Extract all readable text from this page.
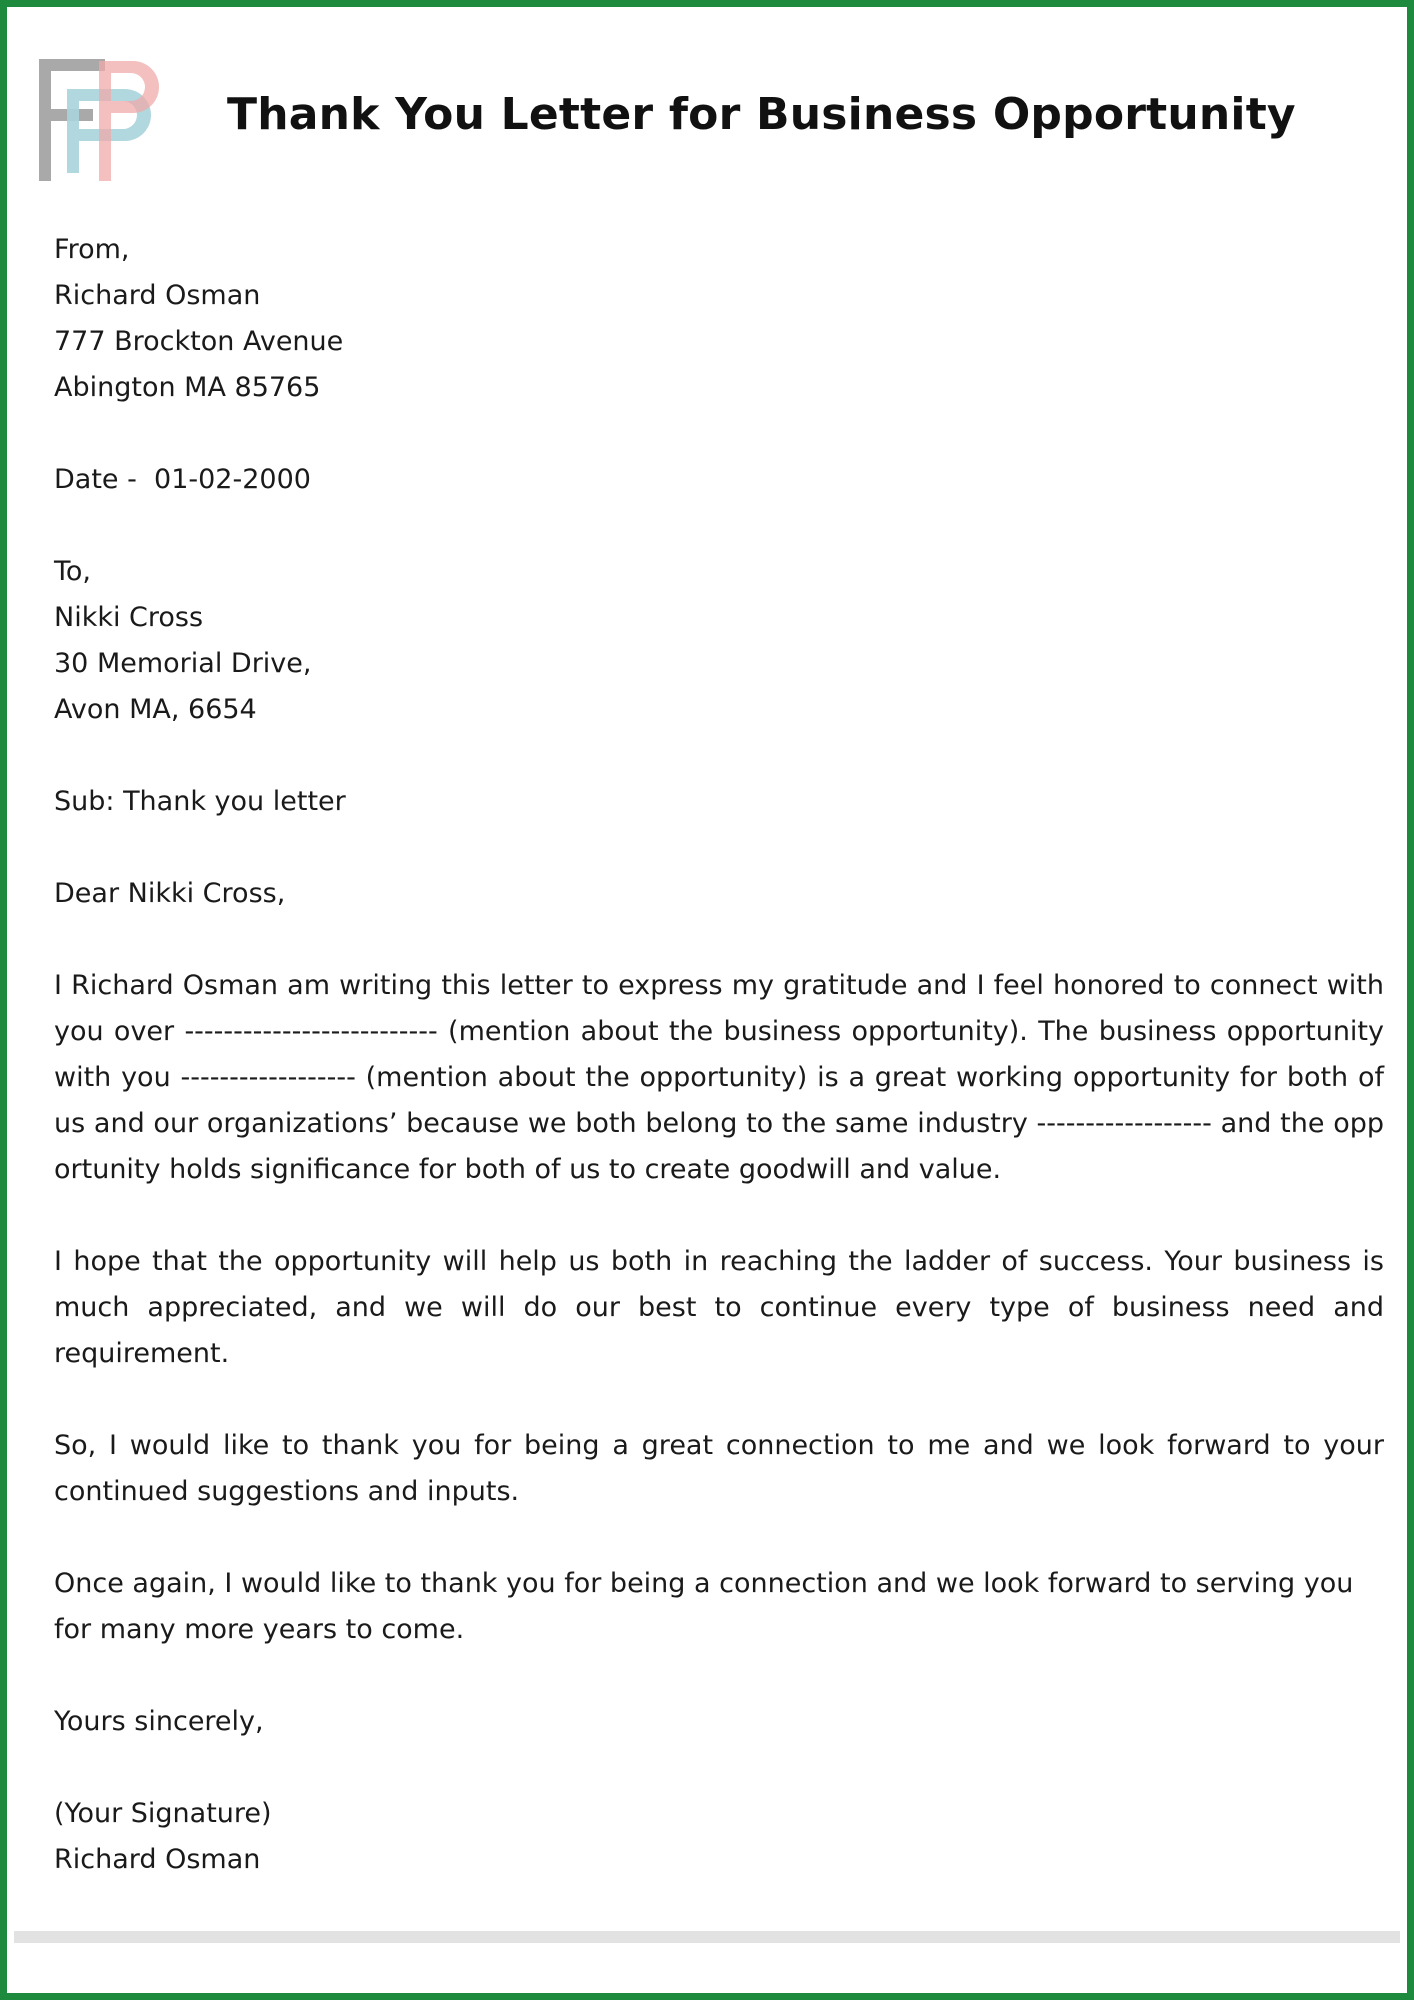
Thank You Letter for Business Opportunity
From,
Richard Osman
777 Brockton Avenue
Abington MA 85765
Date -  01-02-2000
To,
Nikki Cross
30 Memorial Drive,
Avon MA, 6654
Sub: Thank you letter
Dear Nikki Cross,

I Richard Osman am writing this letter to express my gratitude and I feel honored to connect with you over -------------------------- (mention about the business opportunity). The business opportunity with you ------------------ (mention about the opportunity) is a great working opportunity for both of us and our organizations’ because we both belong to the same industry ------------------ and the opportunity holds significance for both of us to create goodwill and value.

I hope that the opportunity will help us both in reaching the ladder of success. Your business is much appreciated, and we will do our best to continue every type of business need and requirement.

So, I would like to thank you for being a great connection to me and we look forward to your continued suggestions and inputs.

Once again, I would like to thank you for being a connection and we look forward to serving you for many more years to come.

Yours sincerely,
(Your Signature)
Richard Osman
